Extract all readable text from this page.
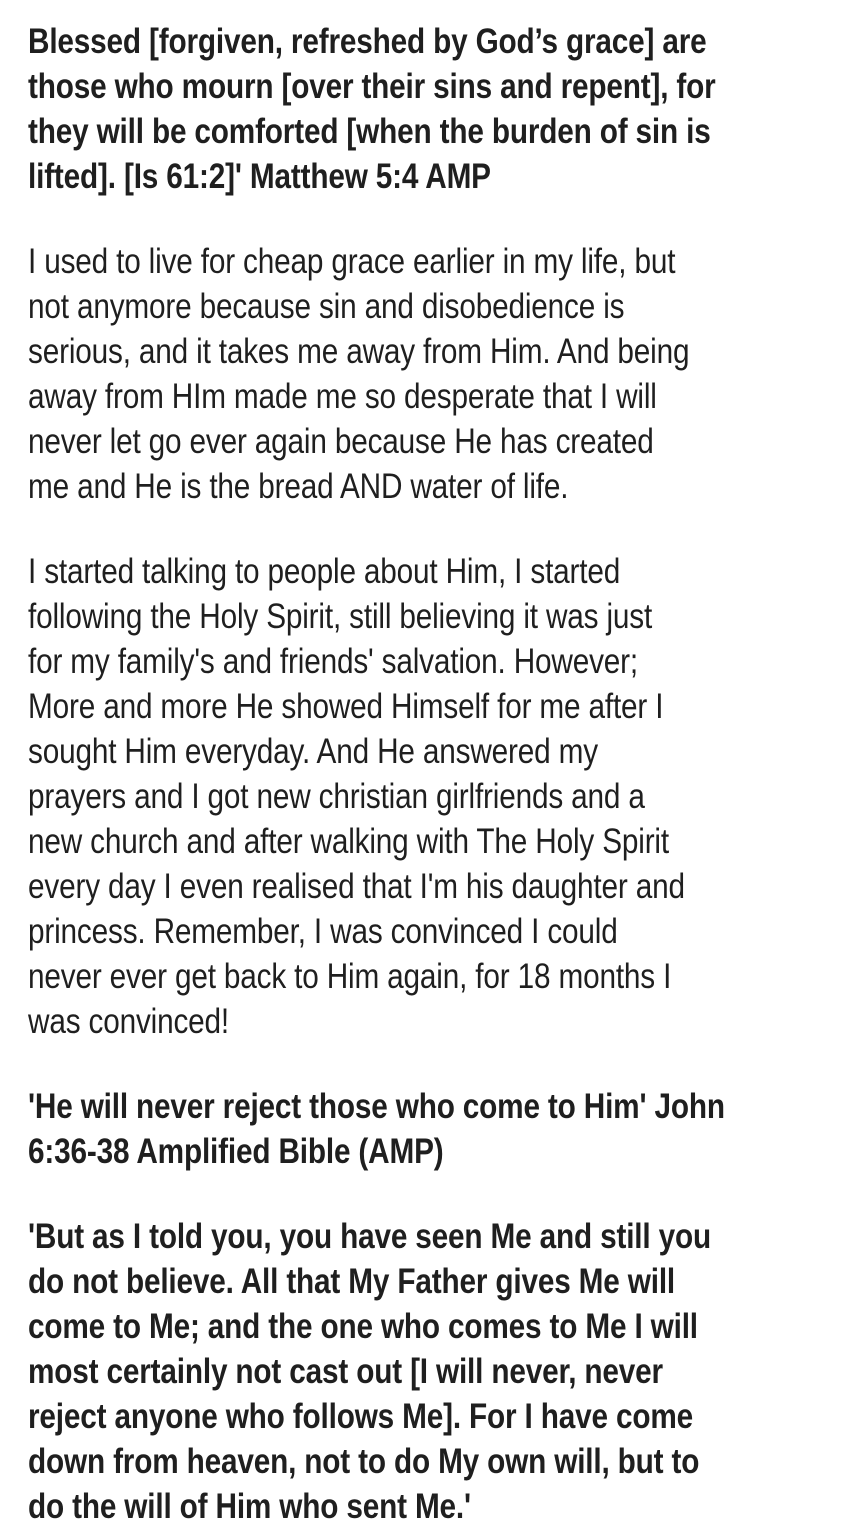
Blessed [forgiven, refreshed by God’s grace] are
those who mourn [over their sins and repent], for
they will be comforted [when the burden of sin is
lifted]. [Is 61:2]' Matthew 5:4 AMP
I used to live for cheap grace earlier in my life, but
not anymore because sin and disobedience is
serious, and it takes me away from Him. And being
away from HIm made me so desperate that I will
never let go ever again because He has created
me and He is the bread AND water of life.
I started talking to people about Him, I started
following the Holy Spirit, still believing it was just
for my family's and friends' salvation. However;
More and more He showed Himself for me after I
sought Him everyday. And He answered my
prayers and I got new christian girlfriends and a
new church and after walking with The Holy Spirit
every day I even realised that I'm his daughter and
princess. Remember, I was convinced I could
never ever get back to Him again, for 18 months I
was convinced!
'He will never reject those who come to Him' John
6:36-38 Amplified Bible (AMP)
'But as I told you, you have seen Me and still you
do not believe. All that My Father gives Me will
come to Me; and the one who comes to Me I will
most certainly not cast out [I will never, never
reject anyone who follows Me]. For I have come
down from heaven, not to do My own will, but to
do the will of Him who sent Me.'
